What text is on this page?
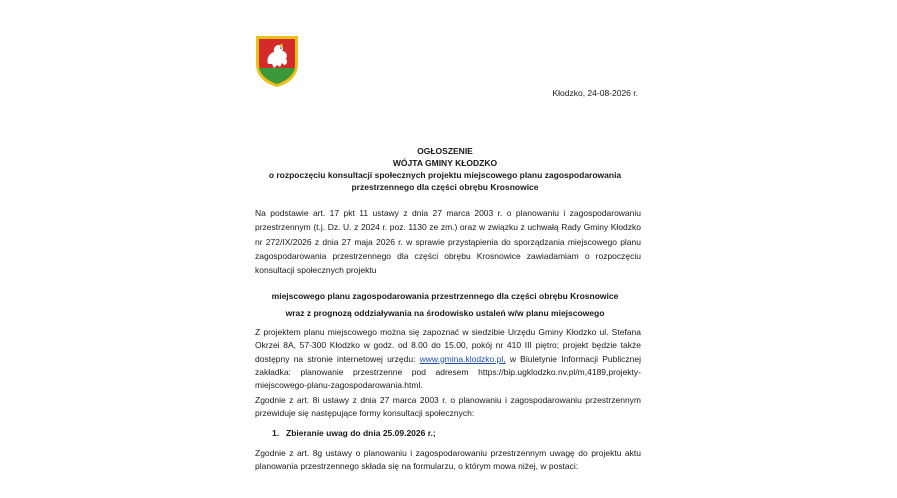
Kłodzko, 24-08-2026 r.
OGŁOSZENIE
WÓJTA GMINY KŁODZKO
o rozpoczęciu konsultacji społecznych projektu miejscowego planu zagospodarowania
przestrzennego dla części obrębu Krosnowice
Na podstawie art. 17 pkt 11 ustawy z dnia 27 marca 2003 r. o planowaniu i zagospodarowaniu przestrzennym (t.j. Dz. U. z 2024 r. poz. 1130 ze zm.) oraz w związku z uchwałą Rady Gminy Kłodzko nr 272/IX/2026 z dnia 27 maja 2026 r. w sprawie przystąpienia do sporządzania miejscowego planu zagospodarowania przestrzennego dla części obrębu Krosnowice zawiadamiam o rozpoczęciu konsultacji społecznych projektu
miejscowego planu zagospodarowania przestrzennego dla części obrębu Krosnowice
wraz z prognozą oddziaływania na środowisko ustaleń w/w planu miejscowego
Z projektem planu miejscowego można się zapoznać w siedzibie Urzędu Gminy Kłodzko ul. Stefana Okrzei 8A, 57-300 Kłodzko w godz. od 8.00 do 15.00, pokój nr 410 III piętro; projekt będzie także dostępny na stronie internetowej urzędu: www.gmina.klodzko.pl, w Biuletynie Informacji Publicznej zakładka: planowanie przestrzenne pod adresem https://bip.ugklodzko.nv.pl/m,4189,projekty-miejscowego-planu-zagospodarowania.html.
Zgodnie z art. 8i ustawy z dnia 27 marca 2003 r. o planowaniu i zagospodarowaniu przestrzennym przewiduje się następujące formy konsultacji społecznych:
1. Zbieranie uwag do dnia 25.09.2026 r.;
Zgodnie z art. 8g ustawy o planowaniu i zagospodarowaniu przestrzennym uwagę do projektu aktu planowania przestrzennego składa się na formularzu, o którym mowa niżej, w postaci:
